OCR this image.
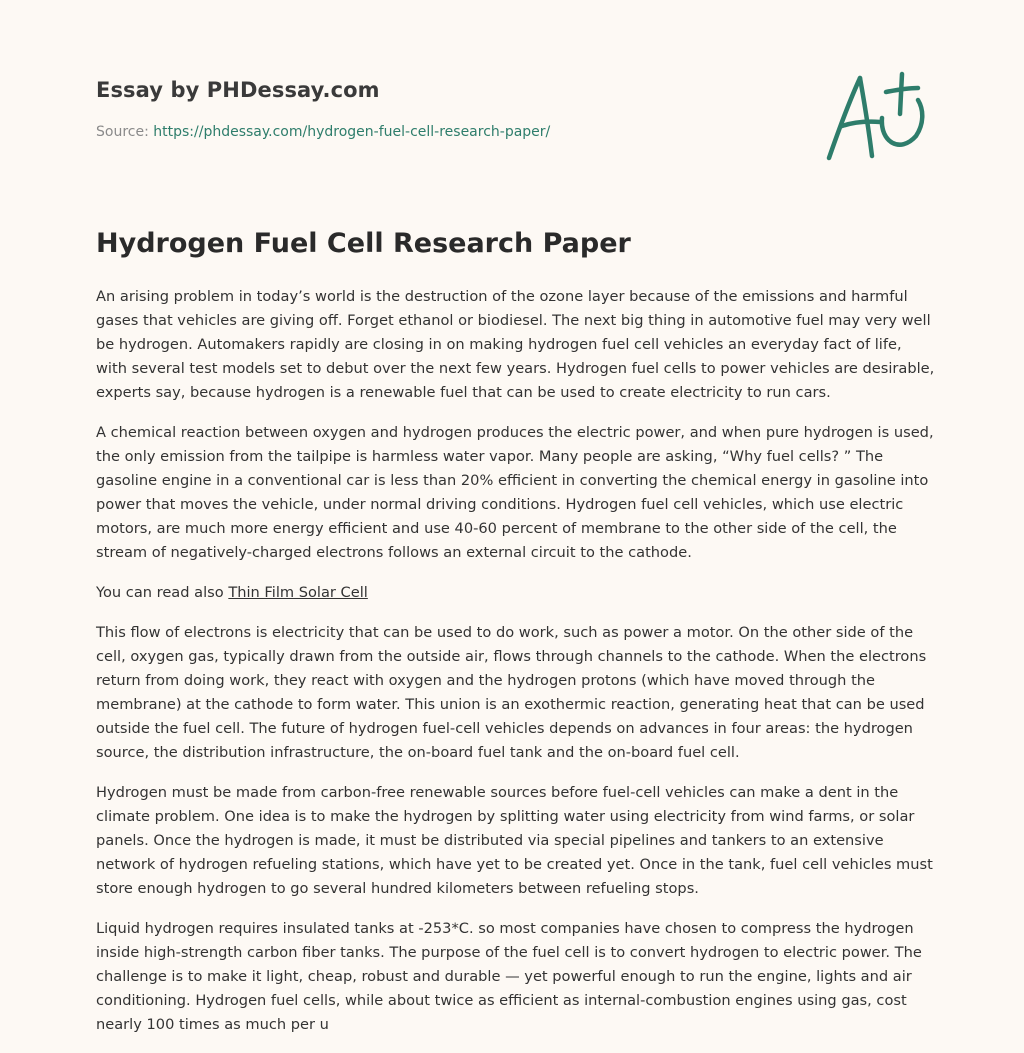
Essay by PHDessay.com
Source: https://phdessay.com/hydrogen-fuel-cell-research-paper/
Hydrogen Fuel Cell Research Paper

An arising problem in today’s world is the destruction of the ozone layer because of the emissions and harmful gases that vehicles are giving off. Forget ethanol or biodiesel. The next big thing in automotive fuel may very well be hydrogen. Automakers rapidly are closing in on making hydrogen fuel cell vehicles an everyday fact of life, with several test models set to debut over the next few years. Hydrogen fuel cells to power vehicles are desirable, experts say, because hydrogen is a renewable fuel that can be used to create electricity to run cars.

A chemical reaction between oxygen and hydrogen produces the electric power, and when pure hydrogen is used, the only emission from the tailpipe is harmless water vapor. Many people are asking, “Why fuel cells? ” The gasoline engine in a conventional car is less than 20% efficient in converting the chemical energy in gasoline into power that moves the vehicle, under normal driving conditions. Hydrogen fuel cell vehicles, which use electric motors, are much more energy efficient and use 40-60 percent of membrane to the other side of the cell, the stream of negatively-charged electrons follows an external circuit to the cathode.

You can read also Thin Film Solar Cell

This flow of electrons is electricity that can be used to do work, such as power a motor. On the other side of the cell, oxygen gas, typically drawn from the outside air, flows through channels to the cathode. When the electrons return from doing work, they react with oxygen and the hydrogen protons (which have moved through the membrane) at the cathode to form water. This union is an exothermic reaction, generating heat that can be used outside the fuel cell. The future of hydrogen fuel-cell vehicles depends on advances in four areas: the hydrogen source, the distribution infrastructure, the on-board fuel tank and the on-board fuel cell.

Hydrogen must be made from carbon-free renewable sources before fuel-cell vehicles can make a dent in the climate problem. One idea is to make the hydrogen by splitting water using electricity from wind farms, or solar panels. Once the hydrogen is made, it must be distributed via special pipelines and tankers to an extensive network of hydrogen refueling stations, which have yet to be created yet. Once in the tank, fuel cell vehicles must store enough hydrogen to go several hundred kilometers between refueling stops.

Liquid hydrogen requires insulated tanks at -253*C. so most companies have chosen to compress the hydrogen inside high-strength carbon fiber tanks. The purpose of the fuel cell is to convert hydrogen to electric power. The challenge is to make it light, cheap, robust and durable — yet powerful enough to run the engine, lights and air conditioning. Hydrogen fuel cells, while about twice as efficient as internal-combustion engines using gas, cost nearly 100 times as much per u
